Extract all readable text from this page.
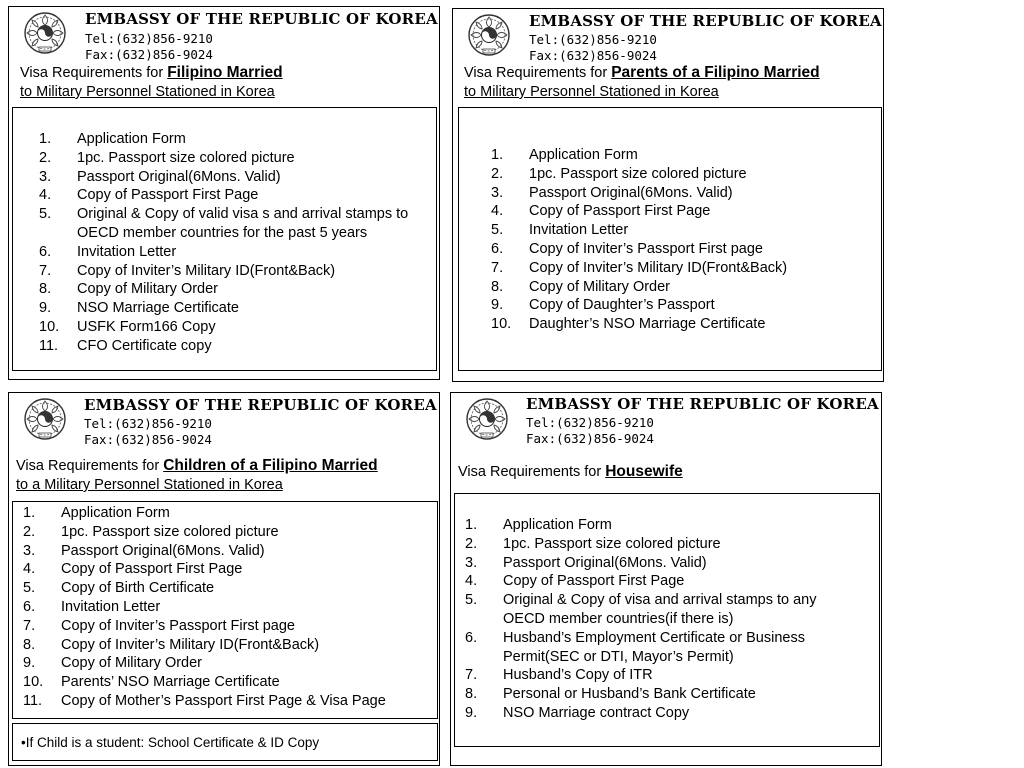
EMBASSY OF THE REPUBLIC OF KOREA
Tel:(632)856-9210
Fax:(632)856-9024
Visa Requirements for Filipino Married
to Military Personnel Stationed in Korea
1. Application Form
2. 1pc. Passport size colored picture
3. Passport Original(6Mons. Valid)
4. Copy of Passport First Page
5. Original & Copy of valid visa s and arrival stamps to
OECD member countries for the past 5 years
6. Invitation Letter
7. Copy of Inviter’s Military ID(Front&Back)
8. Copy of Military Order
9. NSO Marriage Certificate
10. USFK Form166 Copy
11. CFO Certificate copy
EMBASSY OF THE REPUBLIC OF KOREA
Tel:(632)856-9210
Fax:(632)856-9024
Visa Requirements for Parents of a Filipino Married
to Military Personnel Stationed in Korea
1. Application Form
2. 1pc. Passport size colored picture
3. Passport Original(6Mons. Valid)
4. Copy of Passport First Page
5. Invitation Letter
6. Copy of Inviter’s Passport First page
7. Copy of Inviter’s Military ID(Front&Back)
8. Copy of Military Order
9. Copy of Daughter’s Passport
10. Daughter’s NSO Marriage Certificate
EMBASSY OF THE REPUBLIC OF KOREA
Tel:(632)856-9210
Fax:(632)856-9024
Visa Requirements for Children of a Filipino Married
to a Military Personnel Stationed in Korea
1. Application Form
2. 1pc. Passport size colored picture
3. Passport Original(6Mons. Valid)
4. Copy of Passport First Page
5. Copy of Birth Certificate
6. Invitation Letter
7. Copy of Inviter’s Passport First page
8. Copy of Inviter’s Military ID(Front&Back)
9. Copy of Military Order
10. Parents’ NSO Marriage Certificate
11. Copy of Mother’s Passport First Page & Visa Page
•If Child is a student: School Certificate & ID Copy
EMBASSY OF THE REPUBLIC OF KOREA
Tel:(632)856-9210
Fax:(632)856-9024
Visa Requirements for Housewife
1. Application Form
2. 1pc. Passport size colored picture
3. Passport Original(6Mons. Valid)
4. Copy of Passport First Page
5. Original & Copy of visa and arrival stamps to any
OECD member countries(if there is)
6. Husband’s Employment Certificate or Business
Permit(SEC or DTI, Mayor’s Permit)
7. Husband’s Copy of ITR
8. Personal or Husband’s Bank Certificate
9. NSO Marriage contract Copy
